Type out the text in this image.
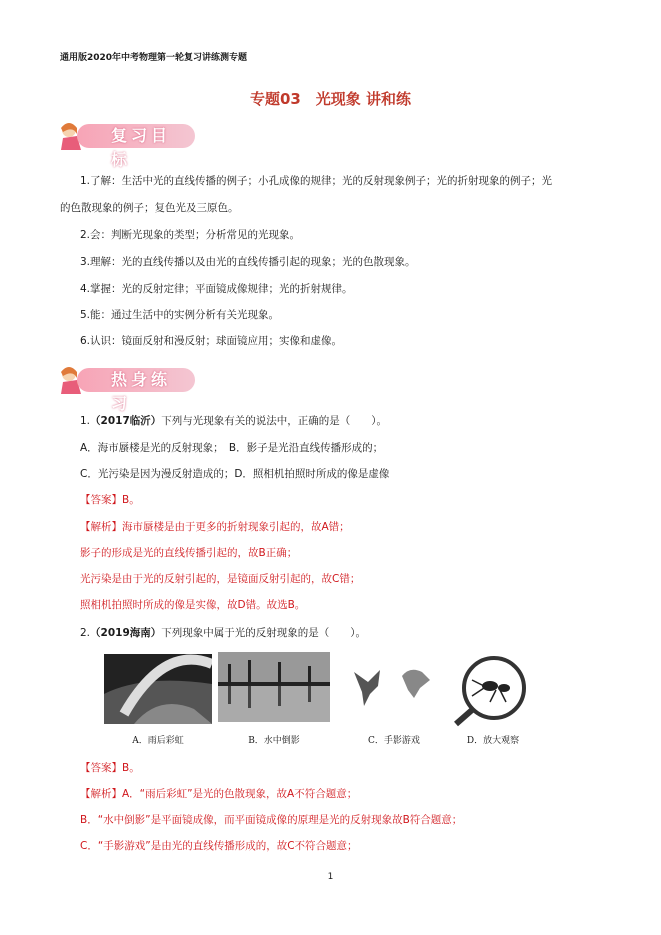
通用版2020年中考物理第一轮复习讲练测专题
专题03　光现象 讲和练
复习目标
1.了解：生活中光的直线传播的例子；小孔成像的规律；光的反射现象例子；光的折射现象的例子；光
的色散现象的例子；复色光及三原色。
2.会：判断光现象的类型；分析常见的光现象。
3.理解：光的直线传播以及由光的直线传播引起的现象；光的色散现象。
4.掌握：光的反射定律；平面镜成像规律；光的折射规律。
5.能：通过生活中的实例分析有关光现象。
6.认识：镜面反射和漫反射；球面镜应用；实像和虚像。
热身练习
1.（2017临沂）下列与光现象有关的说法中，正确的是（　　）。
A．海市蜃楼是光的反射现象；　B．影子是光沿直线传播形成的；
C．光污染是因为漫反射造成的；D．照相机拍照时所成的像是虚像
【答案】B。
【解析】海市蜃楼是由于更多的折射现象引起的，故A错；
影子的形成是光的直线传播引起的，故B正确；
光污染是由于光的反射引起的，是镜面反射引起的，故C错；
照相机拍照时所成的像是实像，故D错。故选B。
2.（2019海南）下列现象中属于光的反射现象的是（　　）。
A．雨后彩虹	B．水中倒影	C．手影游戏	D．放大观察
【答案】B。
【解析】A．“雨后彩虹”是光的色散现象，故A不符合题意；
B．“水中倒影”是平面镜成像，而平面镜成像的原理是光的反射现象故B符合题意；
C．“手影游戏”是由光的直线传播形成的，故C不符合题意；
1
